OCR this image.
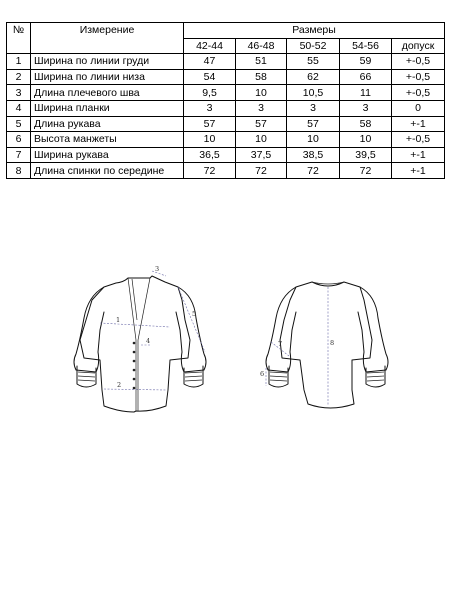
№	Измерение	Размеры				
		42-44	46-48	50-52	54-56	допуск
1	Ширина по линии груди	47	51	55	59	+-0,5
2	Ширина по линии низа	54	58	62	66	+-0,5
3	Длина плечевого шва	9,5	10	10,5	11	+-0,5
4	Ширина планки	3	3	3	3	0
5	Длина рукава	57	57	57	58	+-1
6	Высота манжеты	10	10	10	10	+-0,5
7	Ширина рукава	36,5	37,5	38,5	39,5	+-1
8	Длина спинки по середине	72	72	72	72	+-1
1
2
3
4
5
8
7
6
